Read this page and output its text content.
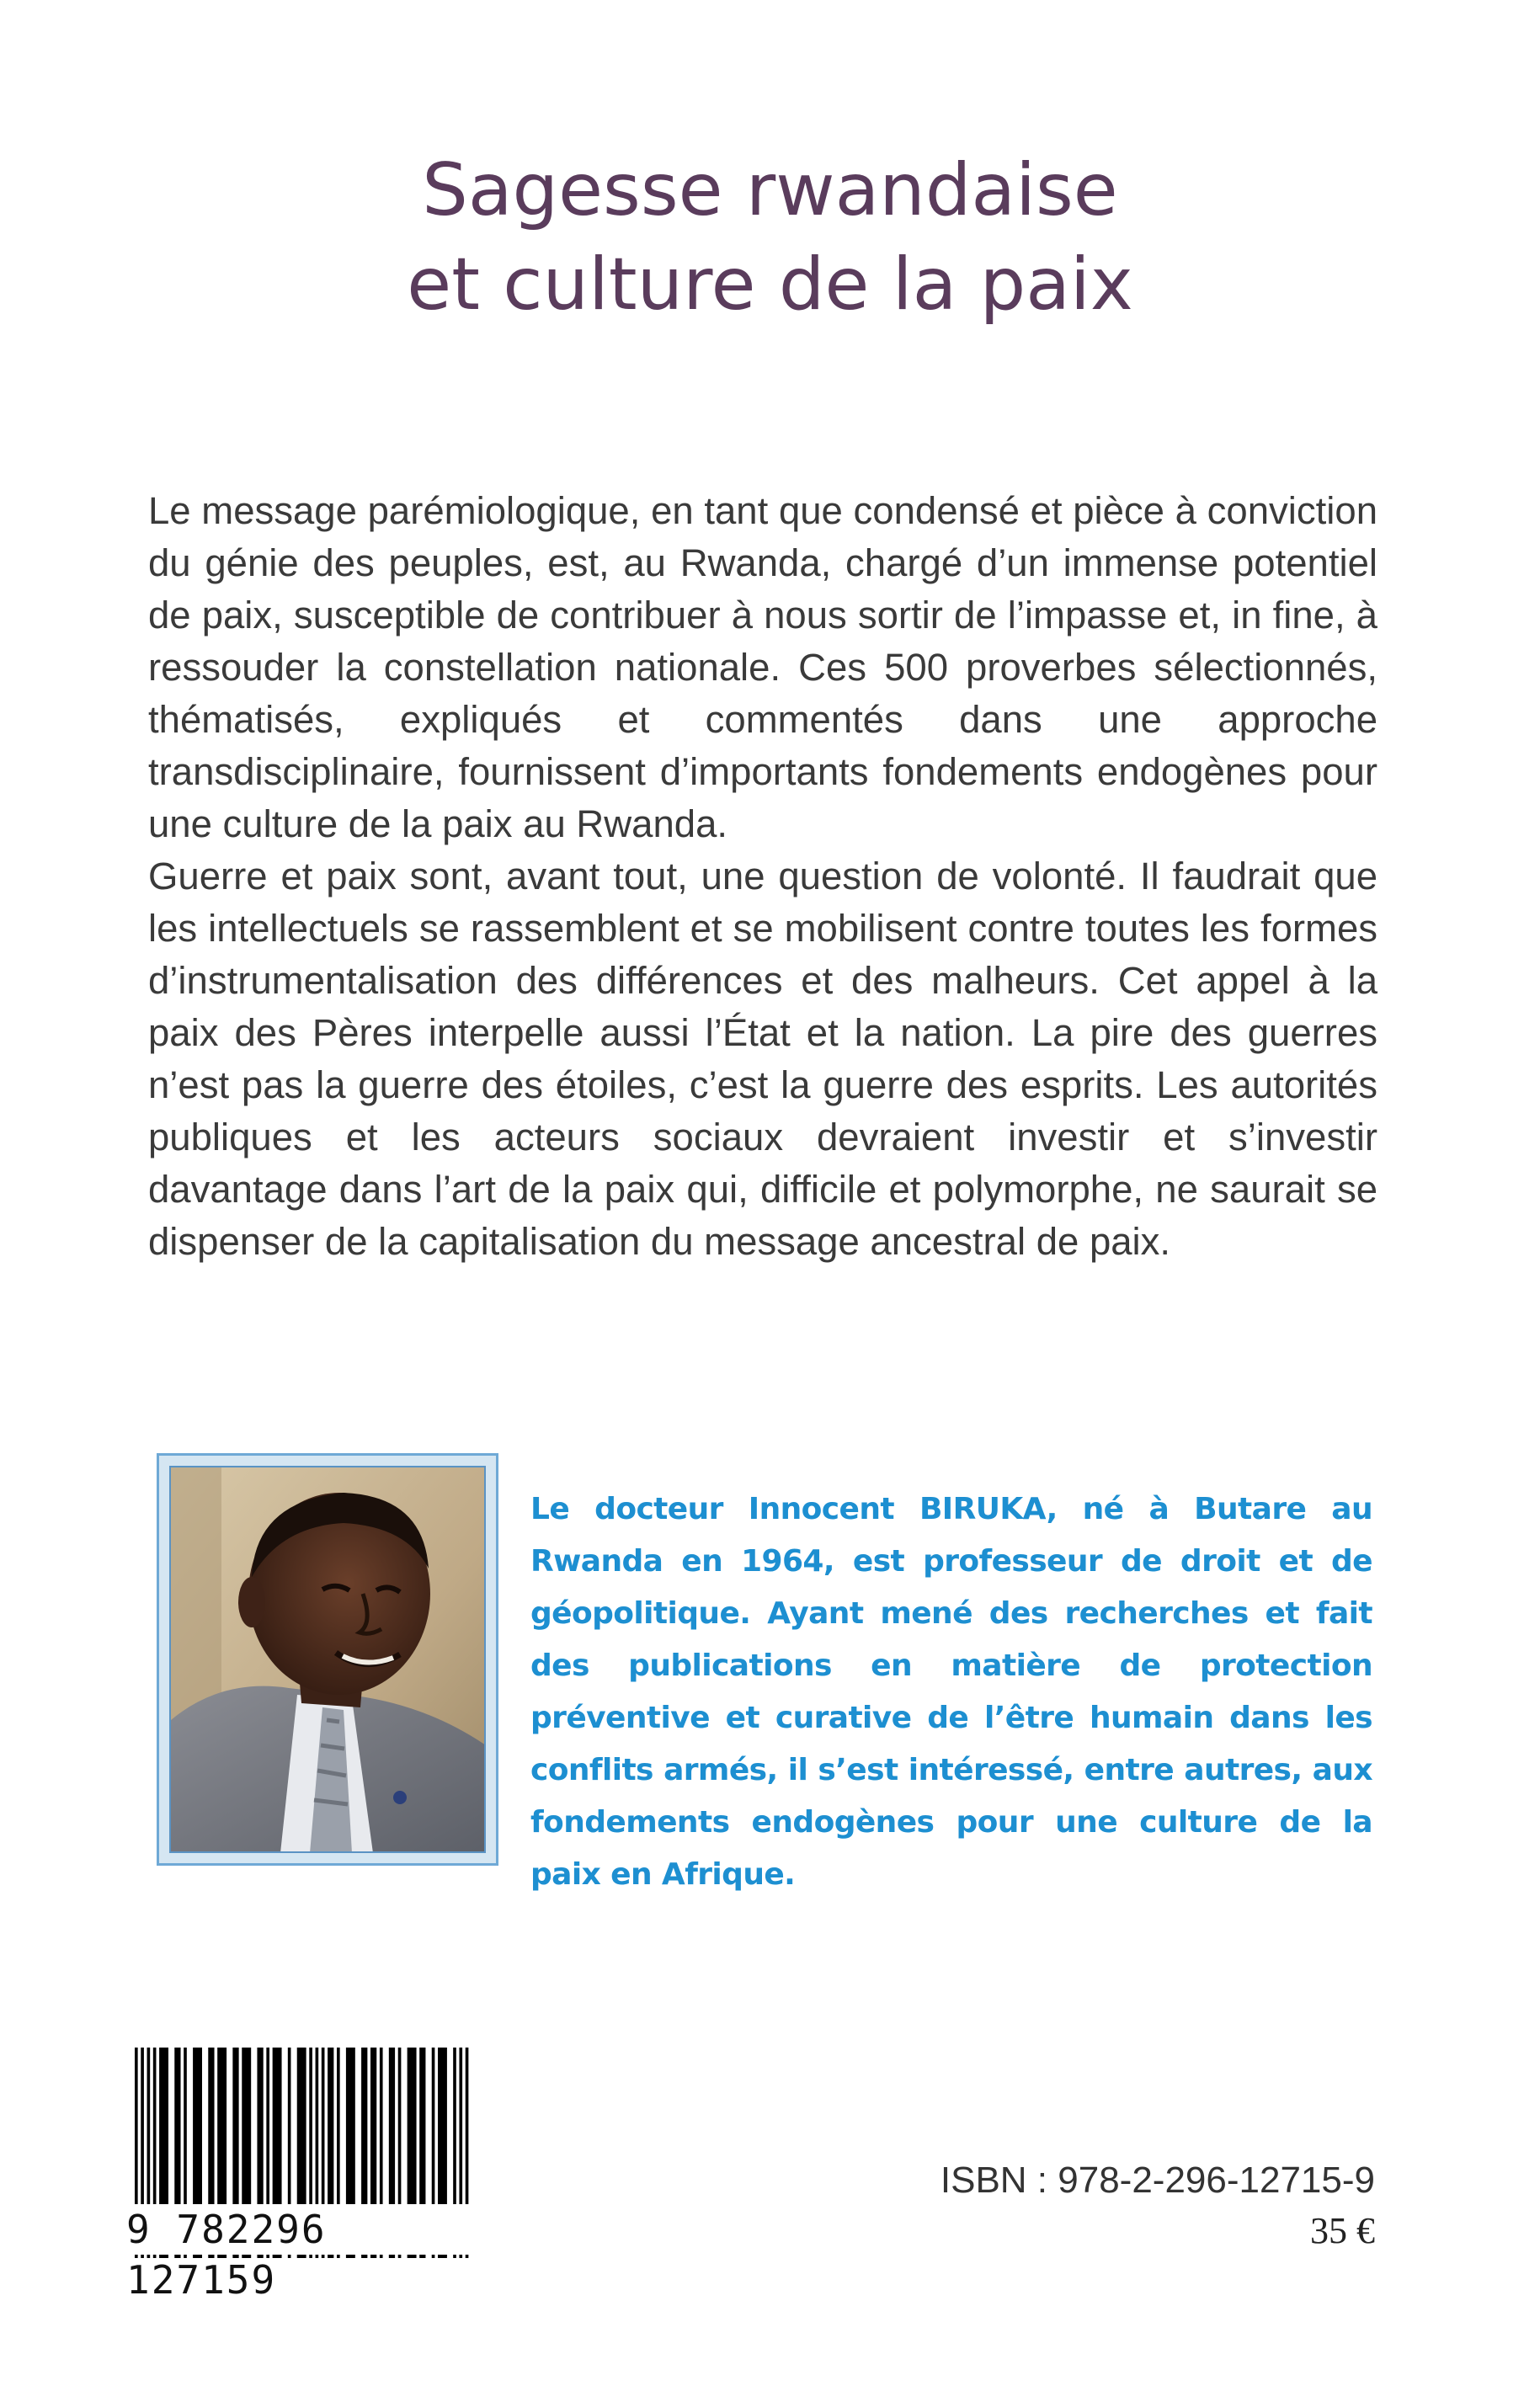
Sagesse rwandaise
et culture de la paix

Le message parémiologique, en tant que condensé et pièce à conviction du génie des peuples, est, au Rwanda, chargé d’un immense potentiel de paix, susceptible de contribuer à nous sortir de l’impasse et, in fine, à ressouder la constellation nationale. Ces 500 proverbes sélectionnés, thématisés, expliqués et commentés dans une approche transdisciplinaire, fournissent d’importants fondements endogènes pour une culture de la paix au Rwanda.

Guerre et paix sont, avant tout, une question de volonté. Il faudrait que les intellectuels se rassemblent et se mobilisent contre toutes les formes d’instrumentalisation des différences et des malheurs. Cet appel à la paix des Pères interpelle aussi l’État et la nation. La pire des guerres n’est pas la guerre des étoiles, c’est la guerre des esprits. Les autorités publiques et les acteurs sociaux devraient investir et s’investir davantage dans l’art de la paix qui, difficile et polymorphe, ne saurait se dispenser de la capitalisation du message ancestral de paix.

Le docteur Innocent BIRUKA, né à Butare au Rwanda en 1964, est professeur de droit et de géopolitique. Ayant mené des recherches et fait des publications en matière de protection préventive et curative de l’être humain dans les conflits armés, il s’est intéressé, entre autres, aux fondements endogènes pour une culture de la paix en Afrique.
9 782296 127159
ISBN : 978-2-296-12715-9
35 €
